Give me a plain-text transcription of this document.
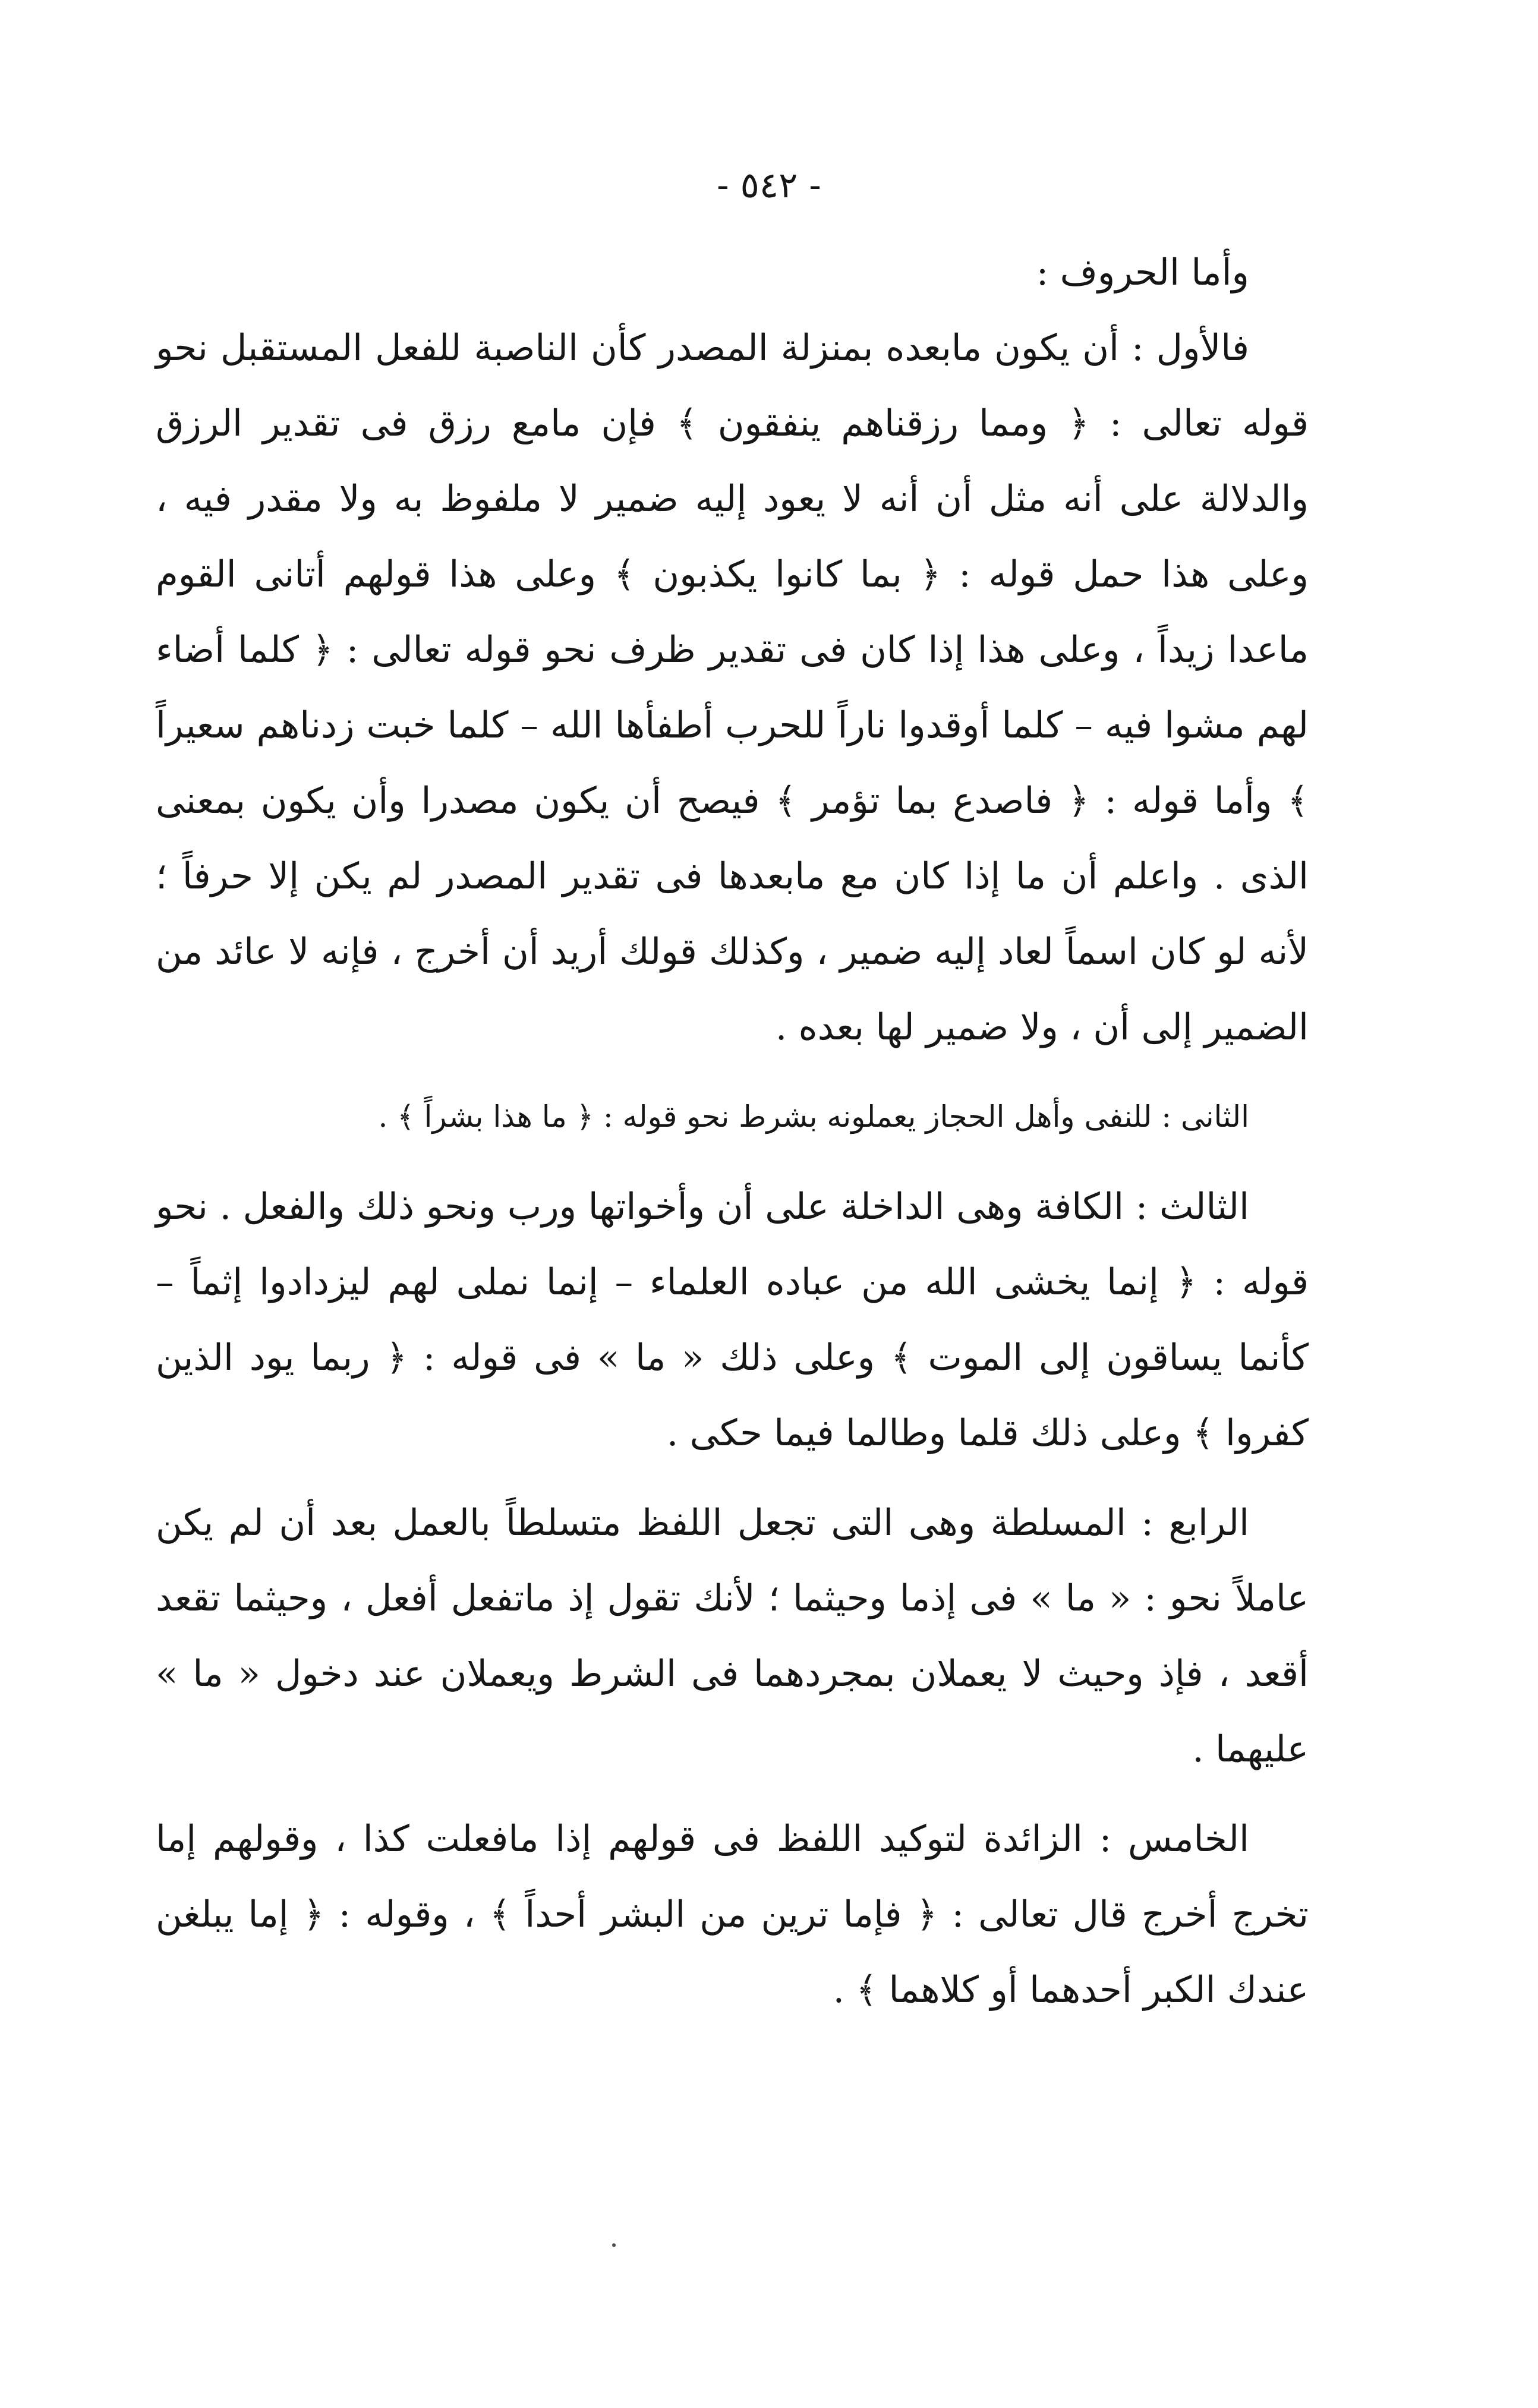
- ٥٤٢ -

وأما الحروف :

فالأول : أن يكون مابعده بمنزلة المصدر كأن الناصبة للفعل المستقبل نحو قوله تعالى : ﴿ ومما رزقناهم ينفقون ﴾ فإن مامع رزق فى تقدير الرزق والدلالة على أنه مثل أن أنه لا يعود إليه ضمير لا ملفوظ به ولا مقدر فيه ، وعلى هذا حمل قوله : ﴿ بما كانوا يكذبون ﴾ وعلى هذا قولهم أتانى القوم ماعدا زيداً ، وعلى هذا إذا كان فى تقدير ظرف نحو قوله تعالى : ﴿ كلما أضاء لهم مشوا فيه – كلما أوقدوا ناراً للحرب أطفأها الله – كلما خبت زدناهم سعيراً ﴾ وأما قوله : ﴿ فاصدع بما تؤمر ﴾ فيصح أن يكون مصدرا وأن يكون بمعنى الذى . واعلم أن ما إذا كان مع مابعدها فى تقدير المصدر لم يكن إلا حرفاً ؛ لأنه لو كان اسماً لعاد إليه ضمير ، وكذلك قولك أريد أن أخرج ، فإنه لا عائد من الضمير إلى أن ، ولا ضمير لها بعده .

الثانى : للنفى وأهل الحجاز يعملونه بشرط نحو قوله : ﴿ ما هذا بشراً ﴾ .

الثالث : الكافة وهى الداخلة على أن وأخواتها ورب ونحو ذلك والفعل . نحو قوله : ﴿ إنما يخشى الله من عباده العلماء – إنما نملى لهم ليزدادوا إثماً – كأنما يساقون إلى الموت ﴾ وعلى ذلك « ما » فى قوله : ﴿ ربما يود الذين كفروا ﴾ وعلى ذلك قلما وطالما فيما حكى .

الرابع : المسلطة وهى التى تجعل اللفظ متسلطاً بالعمل بعد أن لم يكن عاملاً نحو : « ما » فى إذما وحيثما ؛ لأنك تقول إذ ماتفعل أفعل ، وحيثما تقعد أقعد ، فإذ وحيث لا يعملان بمجردهما فى الشرط ويعملان عند دخول « ما » عليهما .

الخامس : الزائدة لتوكيد اللفظ فى قولهم إذا مافعلت كذا ، وقولهم إما تخرج أخرج قال تعالى : ﴿ فإما ترين من البشر أحداً ﴾ ، وقوله : ﴿ إما يبلغن عندك الكبر أحدهما أو كلاهما ﴾ .
